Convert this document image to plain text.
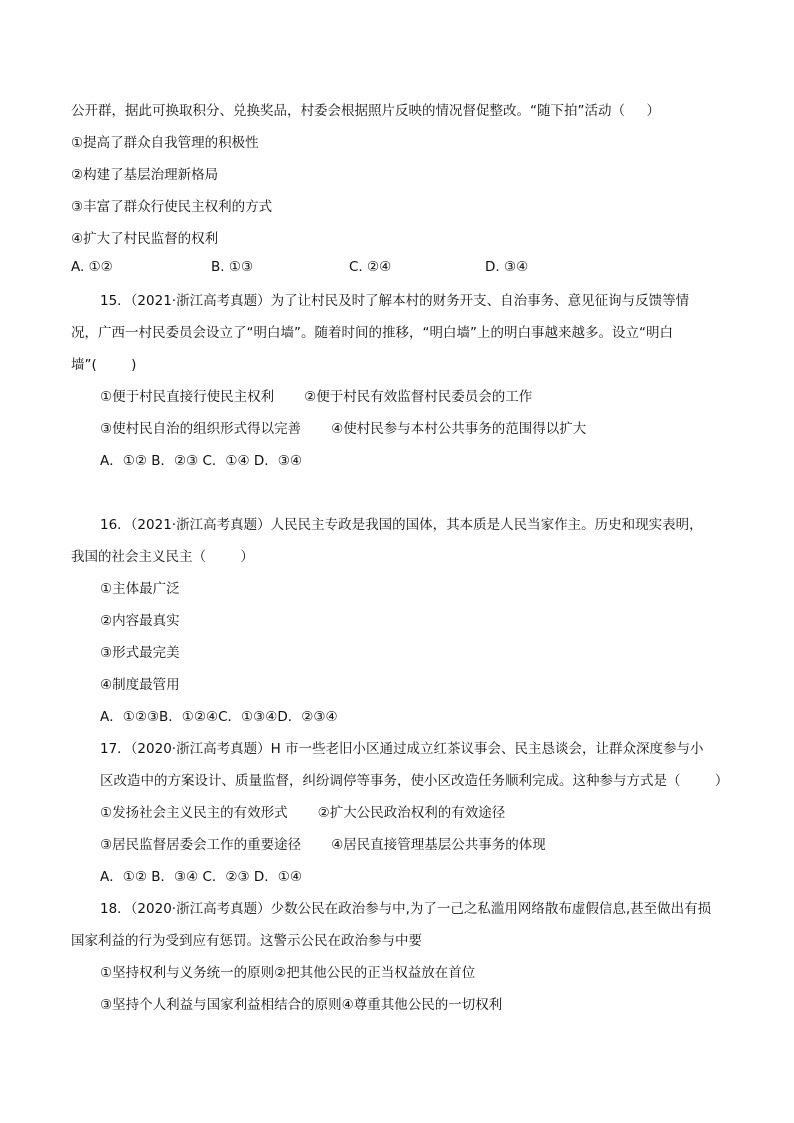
公开群，据此可换取积分、兑换奖品，村委会根据照片反映的情况督促整改。“随下拍”活动（     ）
①提高了群众自我管理的积极性
②构建了基层治理新格局
③丰富了群众行使民主权利的方式
④扩大了村民监督的权利
A. ①②	B. ①③	C. ②④	D. ③④
15．（2021·浙江高考真题）为了让村民及时了解本村的财务开支、自治事务、意见征询与反馈等情
况，广西一村民委员会设立了“明白墙”。随着时间的推移，“明白墙”上的明白事越来越多。设立“明白
墙”(        )
①便于村民直接行使民主权利 ②便于村民有效监督村民委员会的工作
③使村民自治的组织形式得以完善 ④使村民参与本村公共事务的范围得以扩大
A．①② B．②③ C．①④ D．③④
16．（2021·浙江高考真题）人民民主专政是我国的国体，其本质是人民当家作主。历史和现实表明，
我国的社会主义民主（        ）
①主体最广泛
②内容最真实
③形式最完美
④制度最管用
A．①②③B．①②④C．①③④D．②③④
17．（2020·浙江高考真题）H 市一些老旧小区通过成立红茶议事会、民主恳谈会，让群众深度参与小
区改造中的方案设计、质量监督，纠纷调停等事务，使小区改造任务顺利完成。这种参与方式是（        ）
①发扬社会主义民主的有效形式 ②扩大公民政治权利的有效途径
③居民监督居委会工作的重要途径 ④居民直接管理基层公共事务的体现
A．①② B．③④ C．②③ D．①④
18．（2020·浙江高考真题）少数公民在政治参与中,为了一己之私滥用网络散布虚假信息,甚至做出有损
国家利益的行为受到应有惩罚。这警示公民在政治参与中要
①坚持权利与义务统一的原则②把其他公民的正当权益放在首位
③坚持个人利益与国家利益相结合的原则④尊重其他公民的一切权利
